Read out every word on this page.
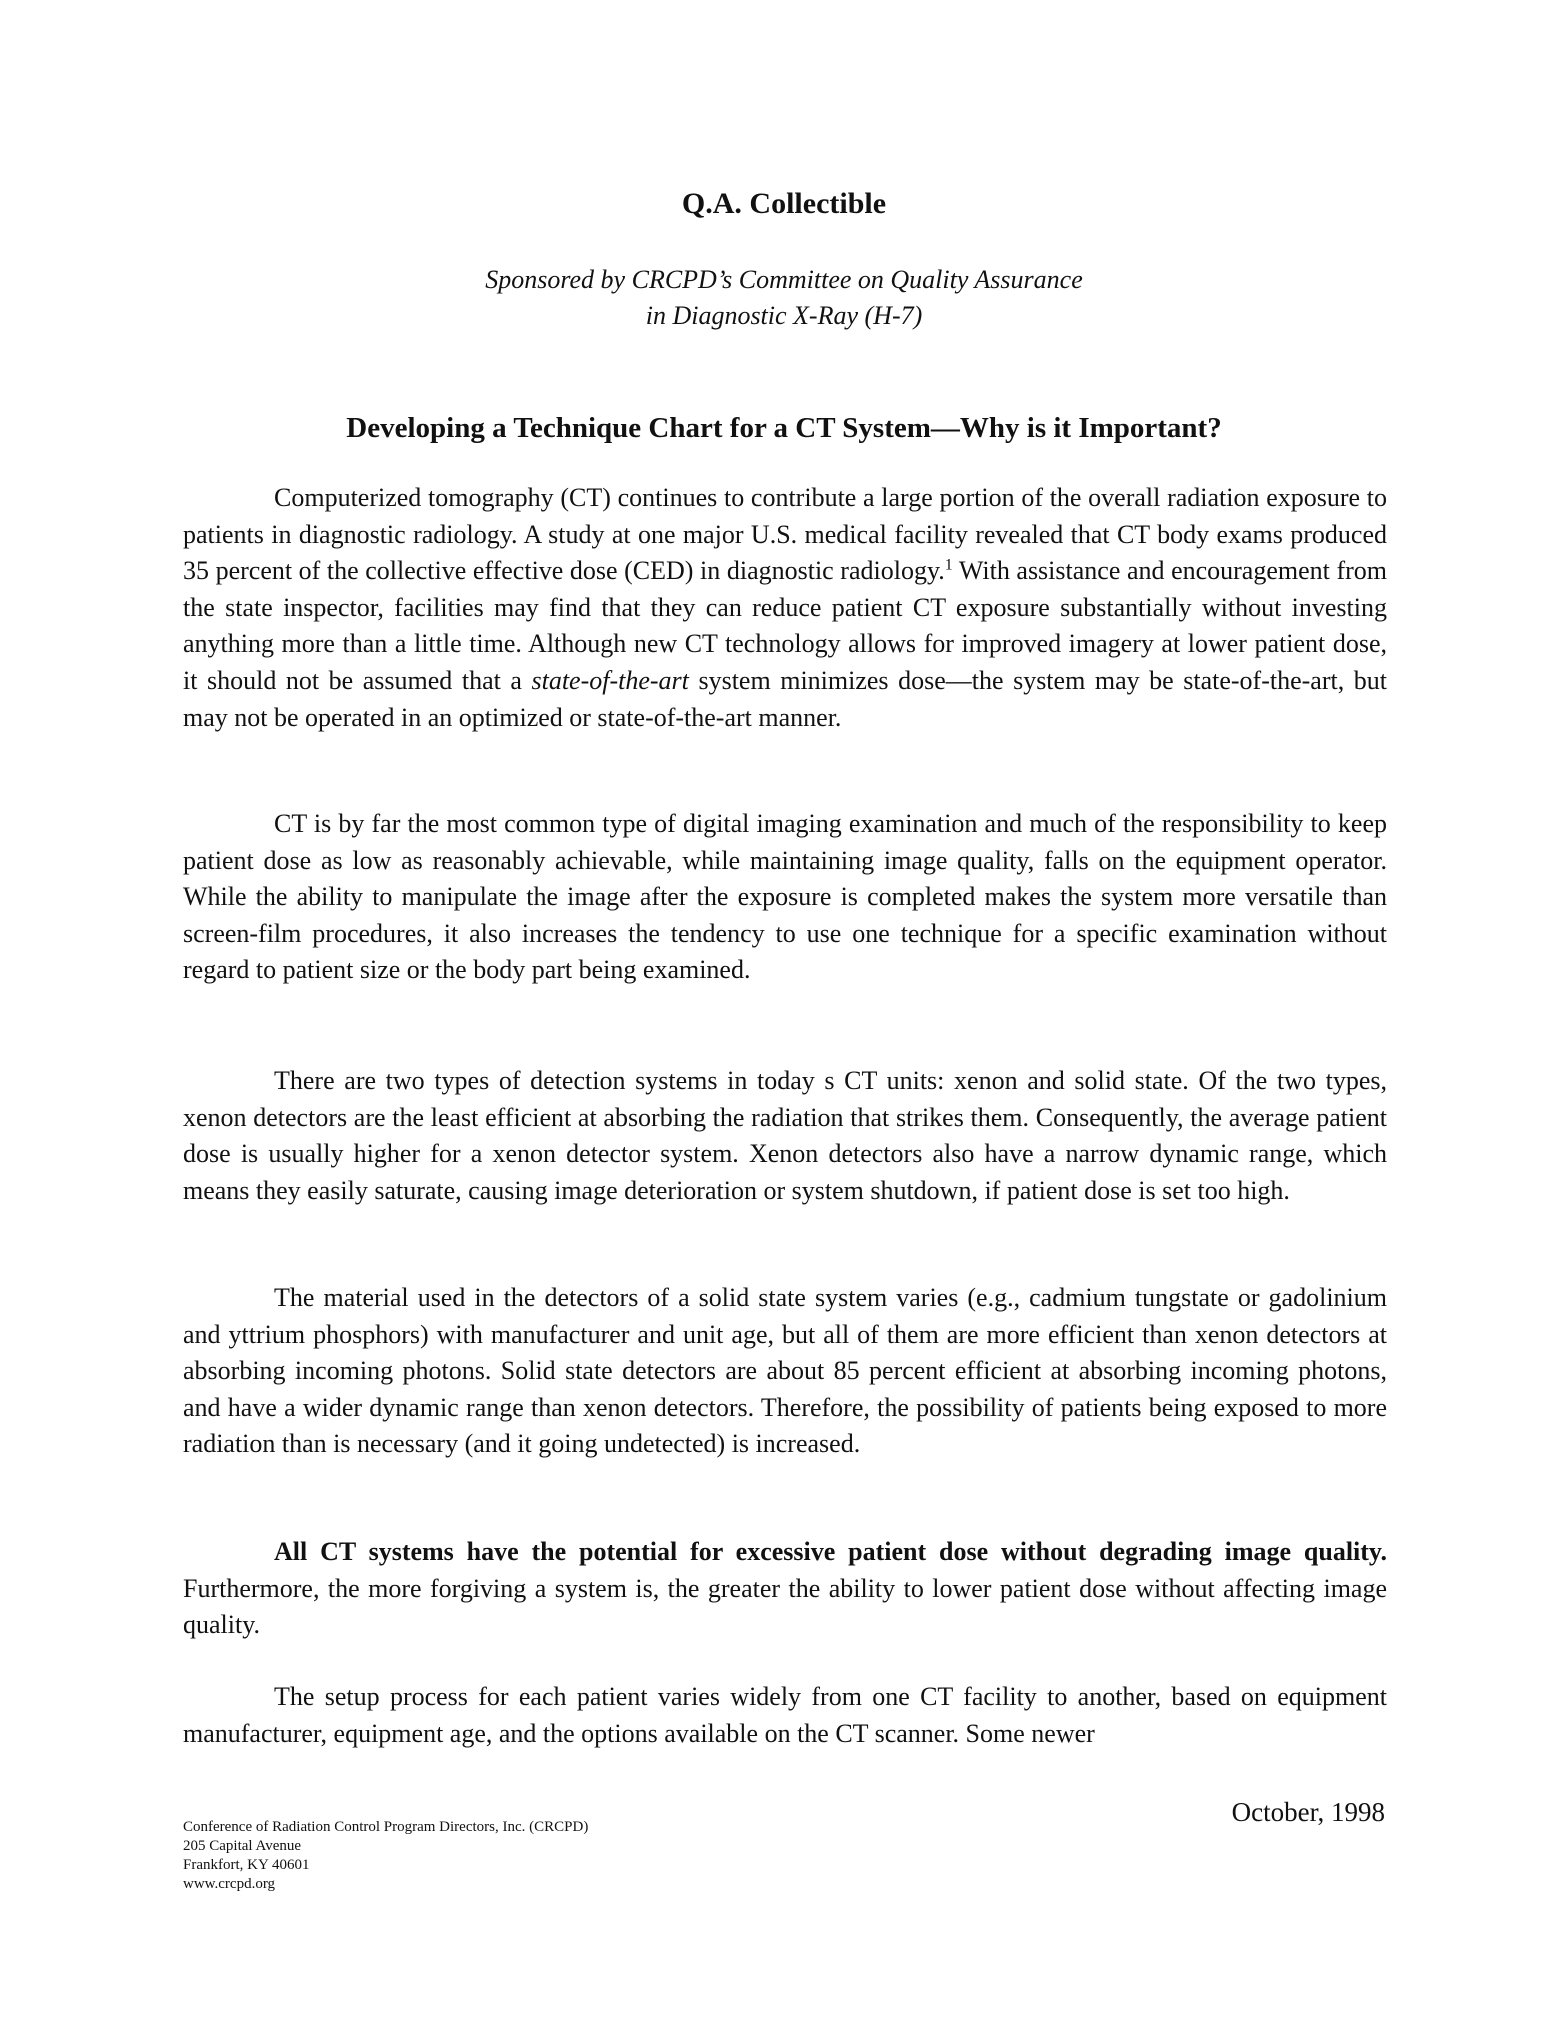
Q.A. Collectible

Sponsored by CRCPD’s Committee on Quality Assurance
in Diagnostic X-Ray (H-7)

Developing a Technique Chart for a CT System—Why is it Important?

Computerized tomography (CT) continues to contribute a large portion of the overall radiation exposure to patients in diagnostic radiology. A study at one major U.S. medical facility revealed that CT body exams produced 35 percent of the collective effective dose (CED) in diagnostic radiology.$^1$ With assistance and encouragement from the state inspector, facilities may find that they can reduce patient CT exposure substantially without investing anything more than a little time. Although new CT technology allows for improved imagery at lower patient dose, it should not be assumed that a state-of-the-art system minimizes dose—the system may be state-of-the-art, but may not be operated in an optimized or state-of-the-art manner.

CT is by far the most common type of digital imaging examination and much of the responsibility to keep patient dose as low as reasonably achievable, while maintaining image quality, falls on the equipment operator. While the ability to manipulate the image after the exposure is completed makes the system more versatile than screen-film procedures, it also increases the tendency to use one technique for a specific examination without regard to patient size or the body part being examined.

There are two types of detection systems in today s CT units: xenon and solid state. Of the two types, xenon detectors are the least efficient at absorbing the radiation that strikes them. Consequently, the average patient dose is usually higher for a xenon detector system. Xenon detectors also have a narrow dynamic range, which means they easily saturate, causing image deterioration or system shutdown, if patient dose is set too high.

The material used in the detectors of a solid state system varies (e.g., cadmium tungstate or gadolinium and yttrium phosphors) with manufacturer and unit age, but all of them are more efficient than xenon detectors at absorbing incoming photons. Solid state detectors are about 85 percent efficient at absorbing incoming photons, and have a wider dynamic range than xenon detectors. Therefore, the possibility of patients being exposed to more radiation than is necessary (and it going undetected) is increased.

All CT systems have the potential for excessive patient dose without degrading image quality. Furthermore, the more forgiving a system is, the greater the ability to lower patient dose without affecting image quality.

The setup process for each patient varies widely from one CT facility to another, based on equipment manufacturer, equipment age, and the options available on the CT scanner. Some newer

Conference of Radiation Control Program Directors, Inc. (CRCPD)
205 Capital Avenue
Frankfort, KY 40601
www.crcpd.org

October, 1998
